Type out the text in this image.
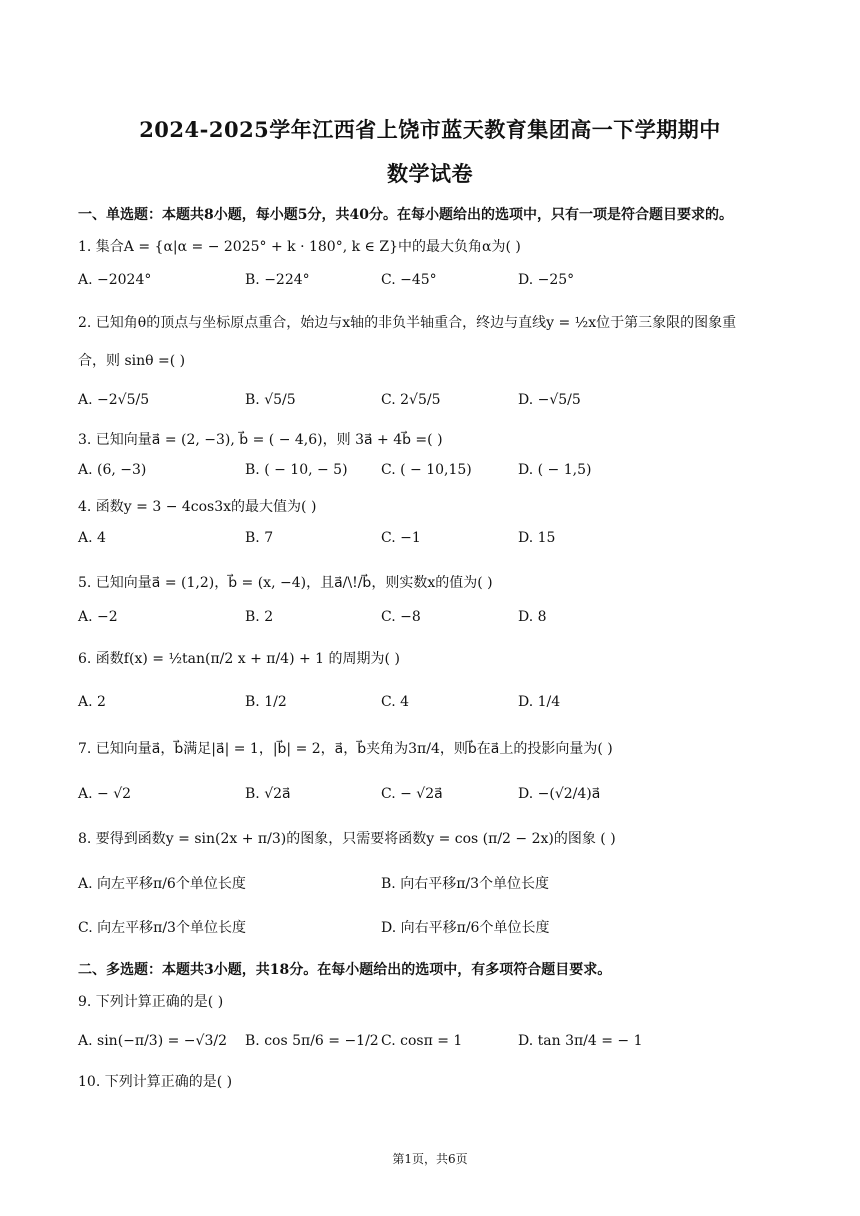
2024-2025学年江西省上饶市蓝天教育集团高一下学期期中
数学试卷
一、单选题：本题共8小题，每小题5分，共40分。在每小题给出的选项中，只有一项是符合题目要求的。
1. 集合A = {α|α = − 2025° + k · 180°, k ∈ Z}中的最大负角α为( )
A. −2024°	B. −224°	C. −45°	D. −25°
2. 已知角θ的顶点与坐标原点重合，始边与x轴的非负半轴重合，终边与直线y = ½x位于第三象限的图象重
合，则 sinθ =( )
A. −2√5/5	B. √5/5	C. 2√5/5	D. −√5/5
3. 已知向量a⃗ = (2, −3), b⃗ = ( − 4,6)，则 3a⃗ + 4b⃗ =( )
A. (6, −3)	B. ( − 10, − 5) C. ( − 10,15)	D. ( − 1,5)
4. 函数y = 3 − 4cos3x的最大值为( )
A. 4	B. 7	C. −1	D. 15
5. 已知向量a⃗ = (1,2)，b⃗ = (x, −4)，且a⃗/\!/b⃗，则实数x的值为( )
A. −2	B. 2	C. −8	D. 8
6. 函数f(x) = ½tan(π/2 x + π/4) + 1 的周期为( )
A. 2	B. 1/2	C. 4	D. 1/4
7. 已知向量a⃗，b⃗满足|a⃗| = 1，|b⃗| = 2，a⃗，b⃗夹角为3π/4，则b⃗在a⃗上的投影向量为( )
A. − √2	B. √2a⃗	C. − √2a⃗	D. −(√2/4)a⃗
8. 要得到函数y = sin(2x + π/3)的图象，只需要将函数y = cos (π/2 − 2x)的图象 ( )
A. 向左平移π/6个单位长度	B. 向右平移π/3个单位长度
C. 向左平移π/3个单位长度	D. 向右平移π/6个单位长度
二、多选题：本题共3小题，共18分。在每小题给出的选项中，有多项符合题目要求。
9. 下列计算正确的是( )
A. sin(−π/3) = −√3/2 B. cos 5π/6 = −1/2 C. cosπ = 1	D. tan 3π/4 = − 1
10. 下列计算正确的是( )
第1页，共6页
